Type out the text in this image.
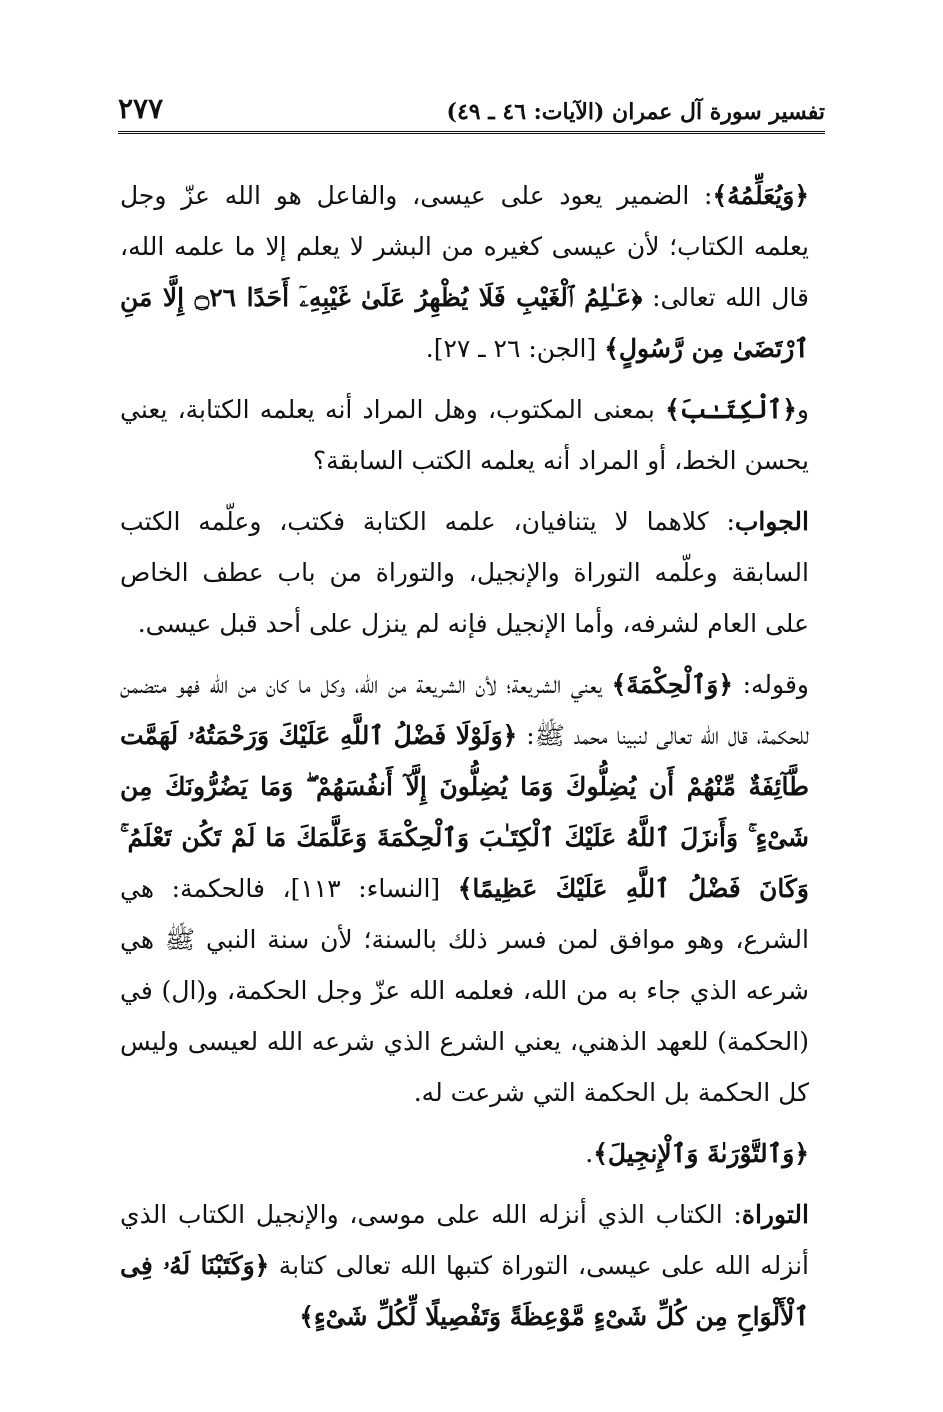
تفسير سورة آل عمران (الآيات: ٤٦ ـ ٤٩)
٢٧٧

﴿وَيُعَلِّمُهُ﴾: الضمير يعود على عيسى، والفاعل هو الله عزّ وجل يعلمه الكتاب؛ لأن عيسى كغيره من البشر لا يعلم إلا ما علمه الله، قال الله تعالى: ﴿عَـٰلِمُ ٱلْغَيْبِ فَلَا يُظْهِرُ عَلَىٰ غَيْبِهِۦٓ أَحَدًا ۝٢٦ إِلَّا مَنِ ٱرْتَضَىٰ مِن رَّسُولٍ﴾ [الجن: ٢٦ ـ ٢٧].

و﴿ٱلْكِتَـٰبَ﴾ بمعنى المكتوب، وهل المراد أنه يعلمه الكتابة، يعني يحسن الخط، أو المراد أنه يعلمه الكتب السابقة؟

الجواب: كلاهما لا يتنافيان، علمه الكتابة فكتب، وعلّمه الكتب السابقة وعلّمه التوراة والإنجيل، والتوراة من باب عطف الخاص على العام لشرفه، وأما الإنجيل فإنه لم ينزل على أحد قبل عيسى.

وقوله: ﴿وَٱلْحِكْمَةَ﴾ يعني الشريعة؛ لأن الشريعة من الله، وكل ما كان من الله فهو متضمن للحكمة، قال الله تعالى لنبينا محمد ﷺ: ﴿وَلَوْلَا فَضْلُ ٱللَّهِ عَلَيْكَ وَرَحْمَتُهُۥ لَهَمَّت طَّآئِفَةٌ مِّنْهُمْ أَن يُضِلُّوكَ وَمَا يُضِلُّونَ إِلَّآ أَنفُسَهُمْ ۖ وَمَا يَضُرُّونَكَ مِن شَىْءٍ ۚ وَأَنزَلَ ٱللَّهُ عَلَيْكَ ٱلْكِتَـٰبَ وَٱلْحِكْمَةَ وَعَلَّمَكَ مَا لَمْ تَكُن تَعْلَمُ ۚ وَكَانَ فَضْلُ ٱللَّهِ عَلَيْكَ عَظِيمًا﴾ [النساء: ١١٣]، فالحكمة: هي الشرع، وهو موافق لمن فسر ذلك بالسنة؛ لأن سنة النبي ﷺ هي شرعه الذي جاء به من الله، فعلمه الله عزّ وجل الحكمة، و(ال) في (الحكمة) للعهد الذهني، يعني الشرع الذي شرعه الله لعيسى وليس كل الحكمة بل الحكمة التي شرعت له.

﴿وَٱلتَّوْرَىٰةَ وَٱلْإِنجِيلَ﴾.

التوراة: الكتاب الذي أنزله الله على موسى، والإنجيل الكتاب الذي أنزله الله على عيسى، التوراة كتبها الله تعالى كتابة ﴿وَكَتَبْنَا لَهُۥ فِى ٱلْأَلْوَاحِ مِن كُلِّ شَىْءٍ مَّوْعِظَةً وَتَفْصِيلًا لِّكُلِّ شَىْءٍ﴾
